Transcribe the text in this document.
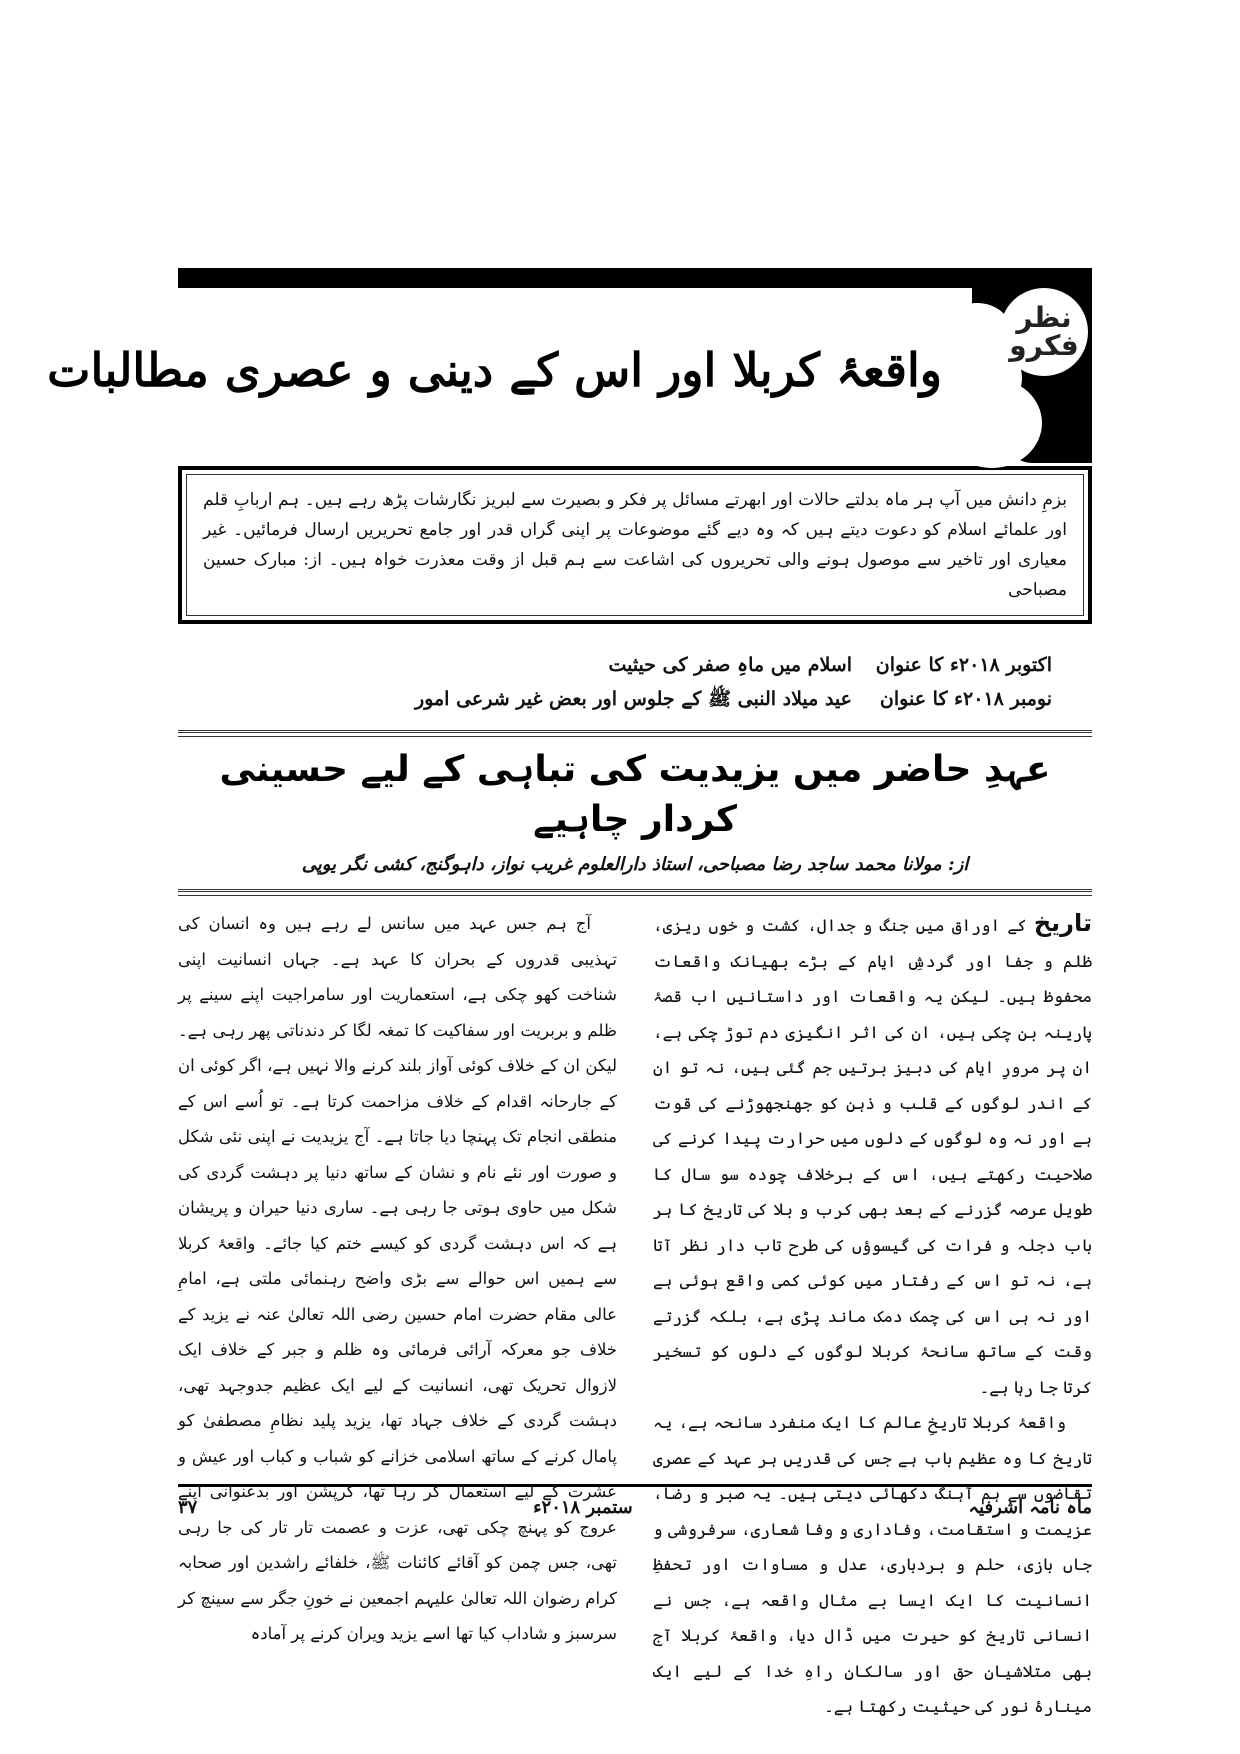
نظر
فکرو
واقعۂ کربلا اور اس کے دینی و عصری مطالبات
بزمِ دانش میں آپ ہر ماہ بدلتے حالات اور ابھرتے مسائل پر فکر و بصیرت سے لبریز نگارشات پڑھ رہے ہیں۔ ہم اربابِ قلم اور علمائے اسلام کو دعوت دیتے ہیں کہ وہ دیے گئے موضوعات پر اپنی گراں قدر اور جامع تحریریں ارسال فرمائیں۔ غیر معیاری اور تاخیر سے موصول ہونے والی تحریروں کی اشاعت سے ہم قبل از وقت معذرت خواہ ہیں۔ از: مبارک حسین مصباحی
اکتوبر ۲۰۱۸ء کا عنوان
اسلام میں ماہِ صفر کی حیثیت
نومبر ۲۰۱۸ء کا عنوان
عید میلاد النبی ﷺ کے جلوس اور بعض غیر شرعی امور
عہدِ حاضر میں یزیدیت کی تباہی کے لیے حسینی کردار چاہیے
از: مولانا محمد ساجد رضا مصباحی، استاذ دارالعلوم غریب نواز، داہوگنج، کشی نگر یوپی

تاریخ کے اوراق میں جنگ و جدال، کشت و خوں ریزی، ظلم و جفا اور گردشِ ایام کے بڑے بھیانک واقعات محفوظ ہیں۔ لیکن یہ واقعات اور داستانیں اب قصۂ پارینہ بن چکی ہیں، ان کی اثر انگیزی دم توڑ چکی ہے، ان پر مرورِ ایام کی دبیز برتیں جم گئی ہیں، نہ تو ان کے اندر لوگوں کے قلب و ذہن کو جھنجھوڑنے کی قوت ہے اور نہ وہ لوگوں کے دلوں میں حرارت پیدا کرنے کی صلاحیت رکھتے ہیں، اس کے برخلاف چودہ سو سال کا طویل عرصہ گزرنے کے بعد بھی کرب و بلا کی تاریخ کا ہر باب دجلہ و فرات کی گیسوؤں کی طرح تاب دار نظر آتا ہے، نہ تو اس کے رفتار میں کوئی کمی واقع ہوئی ہے اور نہ ہی اس کی چمک دمک ماند پڑی ہے، بلکہ گزرتے وقت کے ساتھ سانحۂ کربلا لوگوں کے دلوں کو تسخیر کرتا جا رہا ہے۔

واقعۂ کربلا تاریخِ عالم کا ایک منفرد سانحہ ہے، یہ تاریخ کا وہ عظیم باب ہے جس کی قدریں ہر عہد کے عصری تقاضوں سے ہم آہنگ دکھائی دیتی ہیں۔ یہ صبر و رضا، عزیمت و استقامت، وفاداری و وفا شعاری، سرفروشی و جاں بازی، حلم و بردباری، عدل و مساوات اور تحفظِ انسانیت کا ایک ایسا بے مثال واقعہ ہے، جس نے انسانی تاریخ کو حیرت میں ڈال دیا، واقعۂ کربلا آج بھی متلاشیانِ حق اور سالکانِ راہِ خدا کے لیے ایک مینارۂ نور کی حیثیت رکھتا ہے۔

آج ہم جس عہد میں سانس لے رہے ہیں وہ انسان کی تہذیبی قدروں کے بحران کا عہد ہے۔ جہاں انسانیت اپنی شناخت کھو چکی ہے، استعماریت اور سامراجیت اپنے سینے پر ظلم و بربریت اور سفاکیت کا تمغہ لگا کر دندناتی پھر رہی ہے۔ لیکن ان کے خلاف کوئی آواز بلند کرنے والا نہیں ہے، اگر کوئی ان کے جارحانہ اقدام کے خلاف مزاحمت کرتا ہے۔ تو اُسے اس کے منطقی انجام تک پہنچا دیا جاتا ہے۔ آج یزیدیت نے اپنی نئی شکل و صورت اور نئے نام و نشان کے ساتھ دنیا پر دہشت گردی کی شکل میں حاوی ہوتی جا رہی ہے۔ ساری دنیا حیران و پریشان ہے کہ اس دہشت گردی کو کیسے ختم کیا جائے۔ واقعۂ کربلا سے ہمیں اس حوالے سے بڑی واضح رہنمائی ملتی ہے، امامِ عالی مقام حضرت امام حسین رضی اللہ تعالیٰ عنہ نے یزید کے خلاف جو معرکہ آرائی فرمائی وہ ظلم و جبر کے خلاف ایک لازوال تحریک تھی، انسانیت کے لیے ایک عظیم جدوجہد تھی، دہشت گردی کے خلاف جہاد تھا، یزید پلید نظامِ مصطفیٰ کو پامال کرنے کے ساتھ اسلامی خزانے کو شباب و کباب اور عیش و عشرت کے لیے استعمال کر رہا تھا، کرپشن اور بدعنوانی اپنے عروج کو پہنچ چکی تھی، عزت و عصمت تار تار کی جا رہی تھی، جس چمن کو آقائے کائنات ﷺ، خلفائے راشدین اور صحابہ کرام رضوان اللہ تعالیٰ علیہم اجمعین نے خونِ جگر سے سینچ کر سرسبز و شاداب کیا تھا اسے یزید ویران کرنے پر آمادہ

ماہ نامہ اشرفیہ
ستمبر ۲۰۱۸ء
۳۷
